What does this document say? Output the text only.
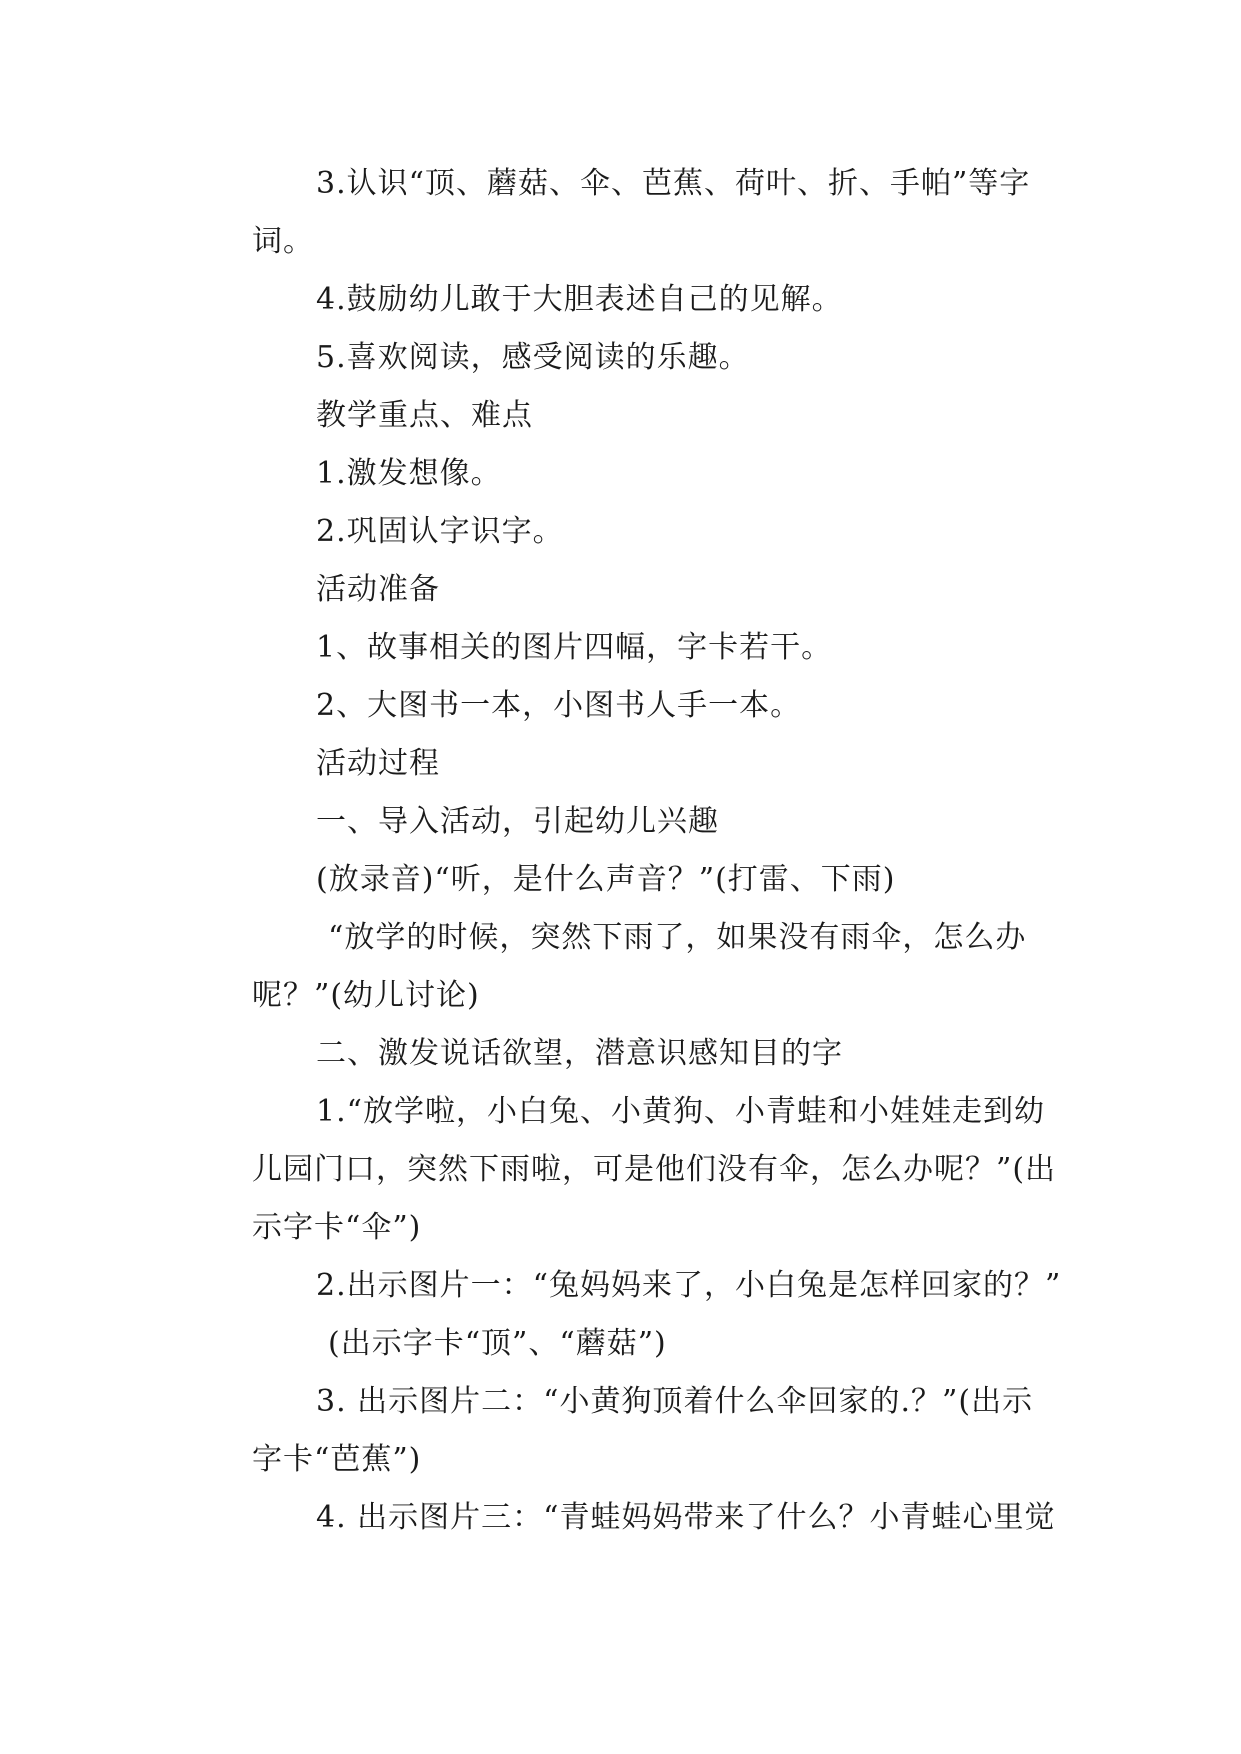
3.认识“顶、蘑菇、伞、芭蕉、荷叶、折、手帕”等字
词。

4.鼓励幼儿敢于大胆表述自己的见解。

5.喜欢阅读，感受阅读的乐趣。

教学重点、难点

1.激发想像。

2.巩固认字识字。

活动准备

1、故事相关的图片四幅，字卡若干。

2、大图书一本，小图书人手一本。

活动过程

一、导入活动，引起幼儿兴趣

(放录音)“听，是什么声音？”(打雷、下雨)

“放学的时候，突然下雨了，如果没有雨伞，怎么办
呢？”(幼儿讨论)

二、激发说话欲望，潜意识感知目的字

1.“放学啦，小白兔、小黄狗、小青蛙和小娃娃走到幼
儿园门口，突然下雨啦，可是他们没有伞，怎么办呢？”(出
示字卡“伞”)

2.出示图片一：“兔妈妈来了，小白兔是怎样回家的？”
(出示字卡“顶”、“蘑菇”)

3. 出示图片二：“小黄狗顶着什么伞回家的.？”(出示
字卡“芭蕉”)

4. 出示图片三：“青蛙妈妈带来了什么？小青蛙心里觉
